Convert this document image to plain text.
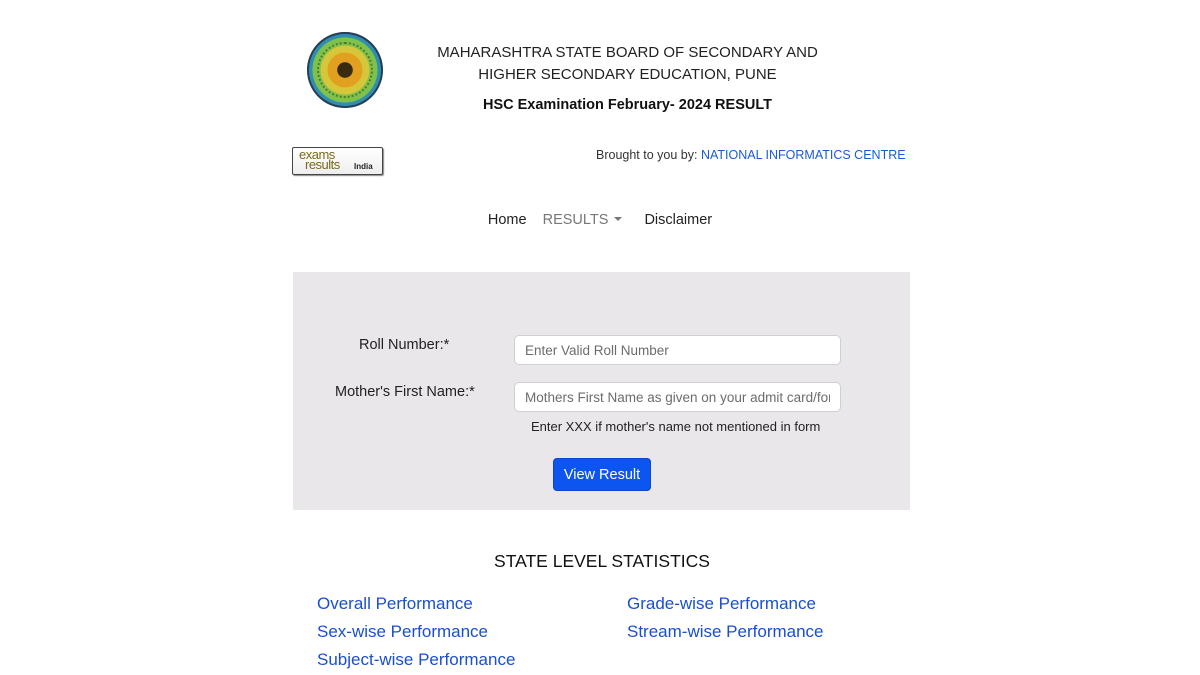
MAHARASHTRA STATE BOARD OF SECONDARY AND
HIGHER SECONDARY EDUCATION, PUNE
HSC Examination February- 2024 RESULT
exams
results India
Brought to you by: NATIONAL INFORMATICS CENTRE
Home RESULTS Disclaimer
Roll Number:*
Enter Valid Roll Number
Mother's First Name:*
Mothers First Name as given on your admit card/form
Enter XXX if mother's name not mentioned in form
View Result
STATE LEVEL STATISTICS
Overall Performance	Grade-wise Performance
Sex-wise Performance	Stream-wise Performance
Subject-wise Performance
